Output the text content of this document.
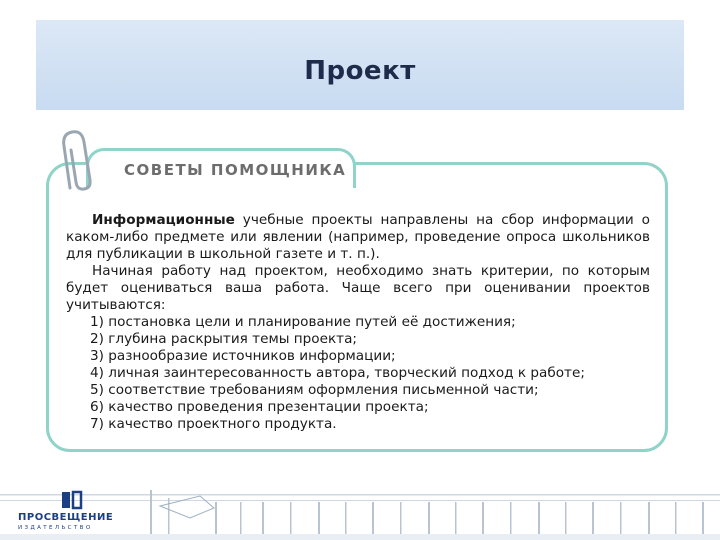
Проект
СОВЕТЫ ПОМОЩНИКА

Информационные учебные проекты направлены на сбор информации о каком-либо предмете или явлении (например, проведение опроса школьников для публикации в школьной газете и т. п.).

Начиная работу над проектом, необходимо знать критерии, по которым будет оцениваться ваша работа. Чаще всего при оценивании проектов учитываются:

1) постановка цели и планирование путей её достижения;
2) глубина раскрытия темы проекта;
3) разнообразие источников информации;
4) личная заинтересованность автора, творческий подход к работе;
5) соответствие требованиям оформления письменной части;
6) качество проведения презентации проекта;
7) качество проектного продукта.
ПРОСВЕЩЕНИЕ
ИЗДАТЕЛЬСТВО
